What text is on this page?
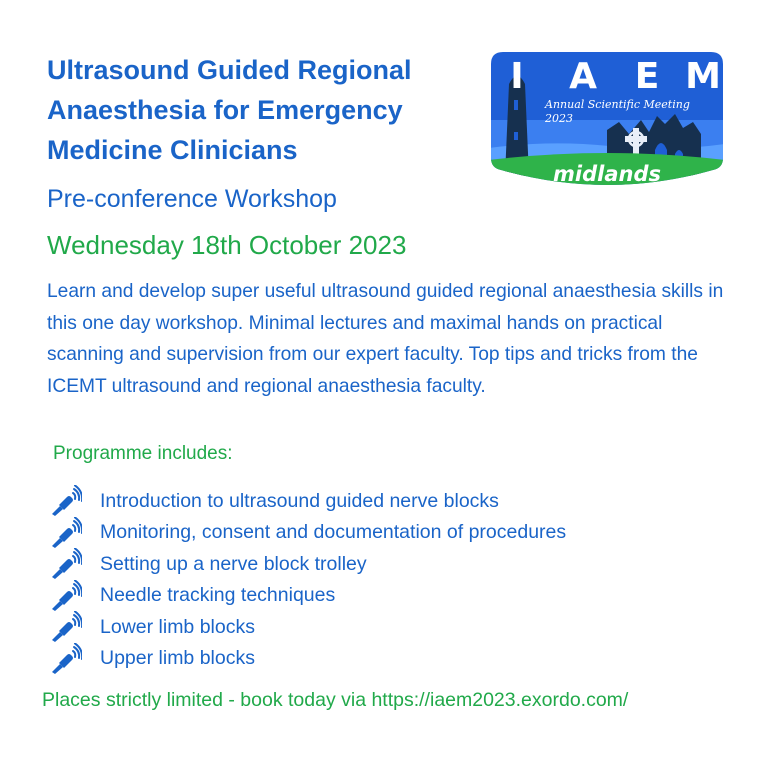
Ultrasound Guided Regional Anaesthesia for Emergency Medicine Clinicians
I A E M
Annual Scientific Meeting
2023
midlands
Pre-conference Workshop
Wednesday 18th October 2023

Learn and develop super useful ultrasound guided regional anaesthesia skills in this one day workshop. Minimal lectures and maximal hands on practical scanning and supervision from our expert faculty. Top tips and tricks from the ICEMT ultrasound and regional anaesthesia faculty.

Programme includes:
Introduction to ultrasound guided nerve blocks
Monitoring, consent and documentation of procedures
Setting up a nerve block trolley
Needle tracking techniques
Lower limb blocks
Upper limb blocks
Places strictly limited - book today via https://iaem2023.exordo.com/
